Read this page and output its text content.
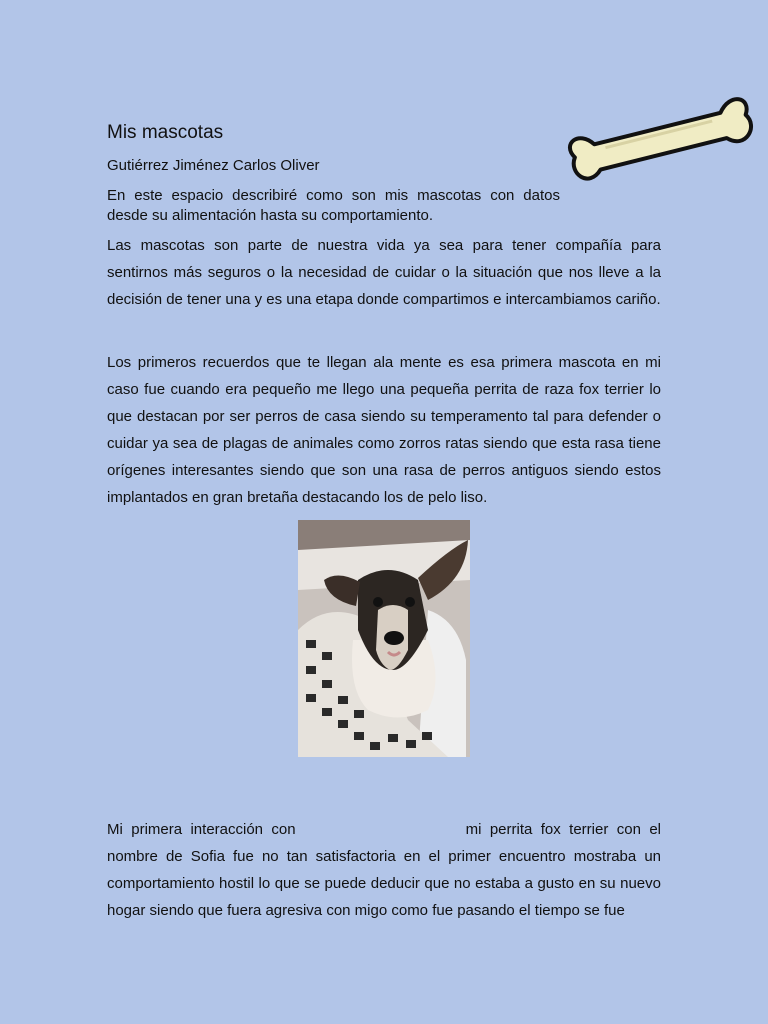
Mis mascotas

Gutiérrez Jiménez Carlos Oliver

En este espacio describiré como son mis mascotas con datos desde su alimentación hasta su comportamiento.

Las mascotas son parte de nuestra vida ya sea para tener compañía para sentirnos más seguros o la necesidad de cuidar o la situación que nos lleve a la decisión de tener una y es una etapa donde compartimos e intercambiamos cariño.

Los primeros recuerdos que te llegan ala mente es esa primera mascota en mi caso fue cuando era pequeño me llego una pequeña perrita de raza fox terrier lo que destacan por ser perros de casa siendo su temperamento tal para defender o cuidar ya sea de plagas de animales como zorros ratas siendo que esta rasa tiene orígenes interesantes siendo que son una rasa de perros antiguos siendo estos implantados en gran bretaña destacando los de pelo liso.

Mi primera interacción con	mi perrita fox terrier con el nombre de Sofia fue no tan satisfactoria en el primer encuentro mostraba un comportamiento hostil lo que se puede deducir que no estaba a gusto en su nuevo hogar siendo que fuera agresiva con migo como fue pasando el tiempo se fue
